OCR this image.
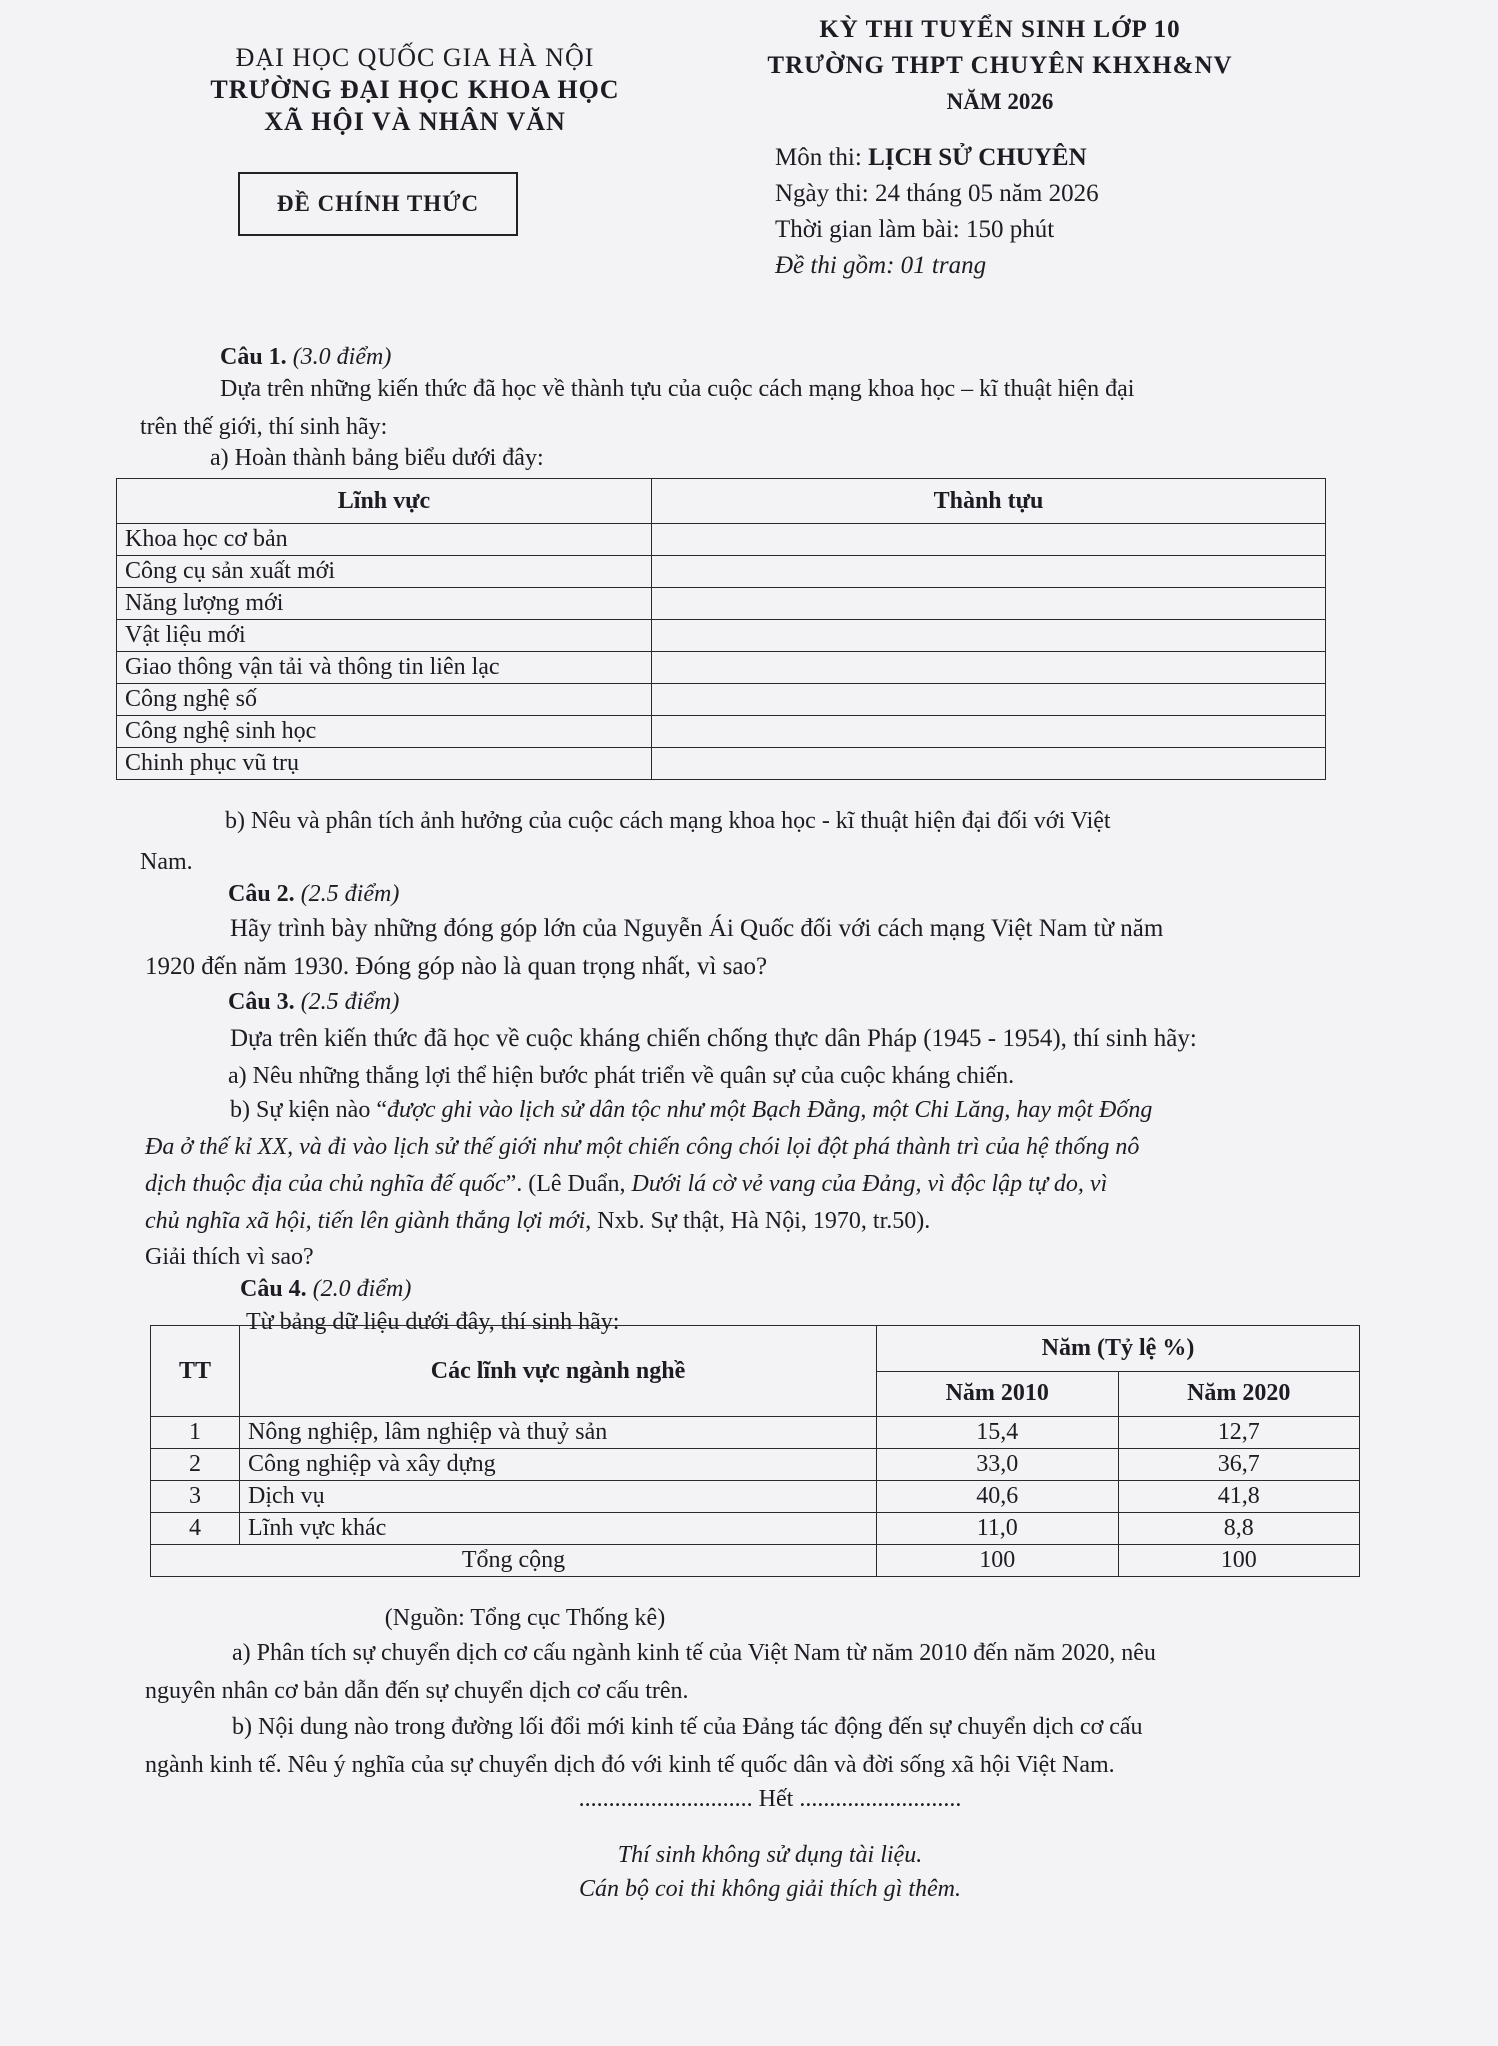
ĐẠI HỌC QUỐC GIA HÀ NỘI
TRƯỜNG ĐẠI HỌC KHOA HỌC
XÃ HỘI VÀ NHÂN VĂN
KỲ THI TUYỂN SINH LỚP 10
TRƯỜNG THPT CHUYÊN KHXH&NV
NĂM 2026
ĐỀ CHÍNH THỨC
Môn thi: LỊCH SỬ CHUYÊN
Ngày thi: 24 tháng 05 năm 2026
Thời gian làm bài: 150 phút
Đề thi gồm: 01 trang
Câu 1. (3.0 điểm)
Dựa trên những kiến thức đã học về thành tựu của cuộc cách mạng khoa học – kĩ thuật hiện đại
trên thế giới, thí sinh hãy:
a) Hoàn thành bảng biểu dưới đây:
Lĩnh vực	Thành tựu
Khoa học cơ bản	
Công cụ sản xuất mới	
Năng lượng mới	
Vật liệu mới	
Giao thông vận tải và thông tin liên lạc	
Công nghệ số	
Công nghệ sinh học	
Chinh phục vũ trụ	
b) Nêu và phân tích ảnh hưởng của cuộc cách mạng khoa học - kĩ thuật hiện đại đối với Việt
Nam.
Câu 2. (2.5 điểm)
Hãy trình bày những đóng góp lớn của Nguyễn Ái Quốc đối với cách mạng Việt Nam từ năm
1920 đến năm 1930. Đóng góp nào là quan trọng nhất, vì sao?
Câu 3. (2.5 điểm)
Dựa trên kiến thức đã học về cuộc kháng chiến chống thực dân Pháp (1945 - 1954), thí sinh hãy:
a) Nêu những thắng lợi thể hiện bước phát triển về quân sự của cuộc kháng chiến.
b) Sự kiện nào “được ghi vào lịch sử dân tộc như một Bạch Đằng, một Chi Lăng, hay một Đống
Đa ở thế kỉ XX, và đi vào lịch sử thế giới như một chiến công chói lọi đột phá thành trì của hệ thống nô
dịch thuộc địa của chủ nghĩa đế quốc”. (Lê Duẩn, Dưới lá cờ vẻ vang của Đảng, vì độc lập tự do, vì
chủ nghĩa xã hội, tiến lên giành thắng lợi mới, Nxb. Sự thật, Hà Nội, 1970, tr.50).
Giải thích vì sao?
Câu 4. (2.0 điểm)
Từ bảng dữ liệu dưới đây, thí sinh hãy:
TT	Các lĩnh vực ngành nghề	Năm (Tỷ lệ %)	
		Năm 2010	Năm 2020
1	Nông nghiệp, lâm nghiệp và thuỷ sản	15,4	12,7
2	Công nghiệp và xây dựng	33,0	36,7
3	Dịch vụ	40,6	41,8
4	Lĩnh vực khác	11,0	8,8
Tổng cộng		100	100
(Nguồn: Tổng cục Thống kê)
a) Phân tích sự chuyển dịch cơ cấu ngành kinh tế của Việt Nam từ năm 2010 đến năm 2020, nêu
nguyên nhân cơ bản dẫn đến sự chuyển dịch cơ cấu trên.
b) Nội dung nào trong đường lối đổi mới kinh tế của Đảng tác động đến sự chuyển dịch cơ cấu
ngành kinh tế. Nêu ý nghĩa của sự chuyển dịch đó với kinh tế quốc dân và đời sống xã hội Việt Nam.
............................. Hết ...........................
Thí sinh không sử dụng tài liệu.
Cán bộ coi thi không giải thích gì thêm.
